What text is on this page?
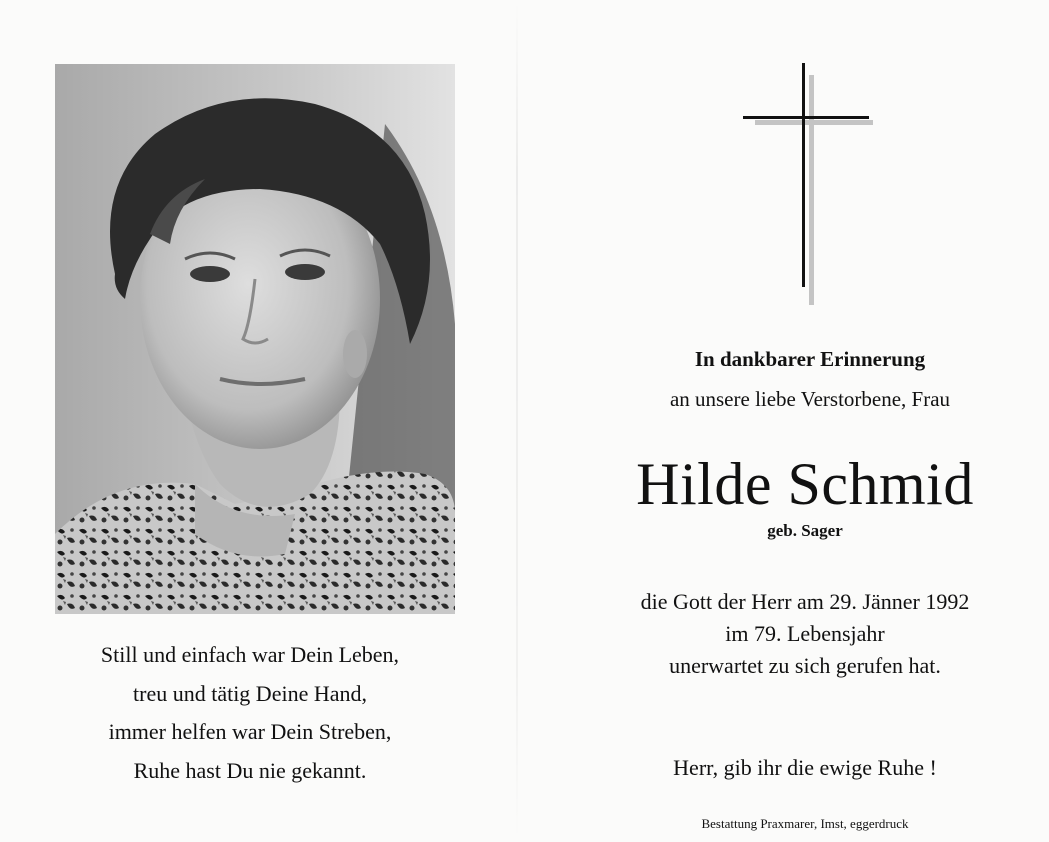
Still und einfach war Dein Leben,
treu und tätig Deine Hand,
immer helfen war Dein Streben,
Ruhe hast Du nie gekannt.
In dankbarer Erinnerung
an unsere liebe Verstorbene, Frau
Hilde Schmid
geb. Sager
die Gott der Herr am 29. Jänner 1992
im 79. Lebensjahr
unerwartet zu sich gerufen hat.
Herr, gib ihr die ewige Ruhe !
Bestattung Praxmarer, Imst, eggerdruck
